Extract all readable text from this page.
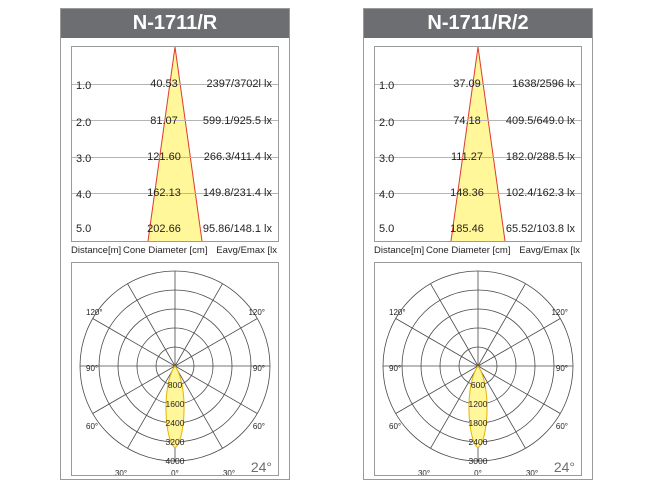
N-1711/R
1.0	40.53	2397/3702l lx
2.0	81.07	599.1/925.5 lx
3.0	121.60	266.3/411.4 lx
4.0	162.13	149.8/231.4 lx
5.0	202.66	95.86/148.1 lx
Distance[m] Cone Diameter [cm] Eavg/Emax [lx
800
1600
2400
3200
4000
120°	120°
90°	90°
60°	60°
30°	0°	30° 24°
N-1711/R/2
1.0	37.09	1638/2596 lx
2.0	74.18	409.5/649.0 lx
3.0	111.27	182.0/288.5 lx
4.0	148.36	102.4/162.3 lx
5.0	185.46	65.52/103.8 lx
Distance[m] Cone Diameter [cm] Eavg/Emax [lx
600
1200
1800
2400
3000
120°	120°
90°	90°
60°	60°
30°	0°	30° 24°
